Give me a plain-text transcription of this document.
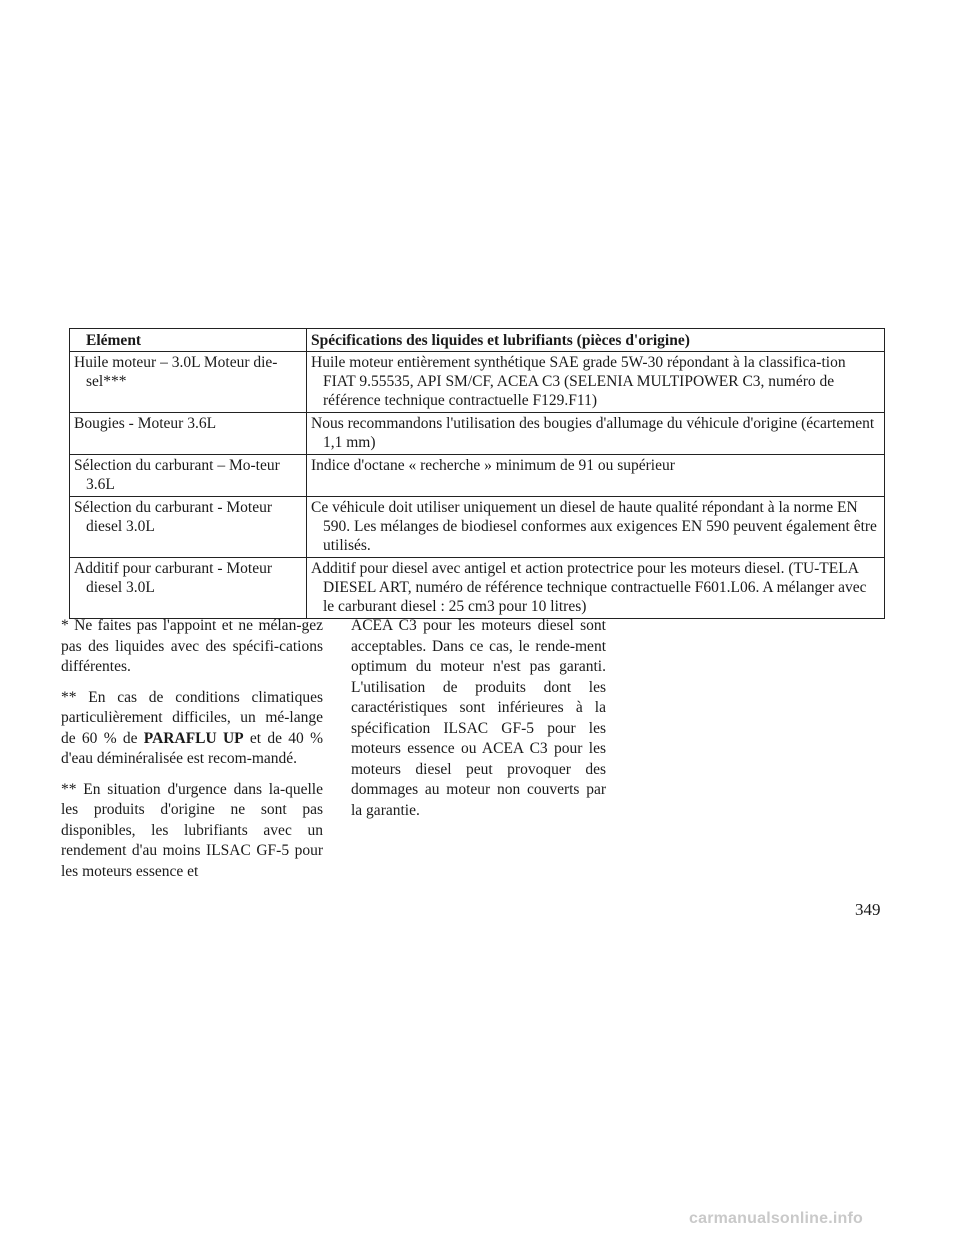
Elément	Spécifications des liquides et lubrifiants (pièces d'origine)

Huile moteur – 3.0L Moteur die-sel***	Huile moteur entièrement synthétique SAE grade 5W-30 répondant à la classifica-tion FIAT 9.55535, API SM/CF, ACEA C3 (SELENIA MULTIPOWER C3, numéro de référence technique contractuelle F129.F11)

Bougies - Moteur 3.6L	Nous recommandons l'utilisation des bougies d'allumage du véhicule d'origine (écartement 1,1 mm)

Sélection du carburant – Mo-teur 3.6L	Indice d'octane « recherche » minimum de 91 ou supérieur

Sélection du carburant - Moteur diesel 3.0L	Ce véhicule doit utiliser uniquement un diesel de haute qualité répondant à la norme EN 590. Les mélanges de biodiesel conformes aux exigences EN 590 peuvent également être utilisés.

Additif pour carburant - Moteur diesel 3.0L	Additif pour diesel avec antigel et action protectrice pour les moteurs diesel. (TU-TELA DIESEL ART, numéro de référence technique contractuelle F601.L06. A mélanger avec le carburant diesel : 25 cm3 pour 10 litres)

* Ne faites pas l'appoint et ne mélan-gez pas des liquides avec des spécifi-cations différentes.

** En cas de conditions climatiques particulièrement difficiles, un mé-lange de 60 % de PARAFLU UP et de 40 % d'eau déminéralisée est recom-mandé.

** En situation d'urgence dans la-quelle les produits d'origine ne sont pas disponibles, les lubrifiants avec un rendement d'au moins ILSAC GF-5 pour les moteurs essence et

ACEA C3 pour les moteurs diesel sont acceptables. Dans ce cas, le rende-ment optimum du moteur n'est pas garanti. L'utilisation de produits dont les caractéristiques sont inférieures à la spécification ILSAC GF-5 pour les moteurs essence ou ACEA C3 pour les moteurs diesel peut provoquer des dommages au moteur non couverts par la garantie.

349
carmanualsonline.info
